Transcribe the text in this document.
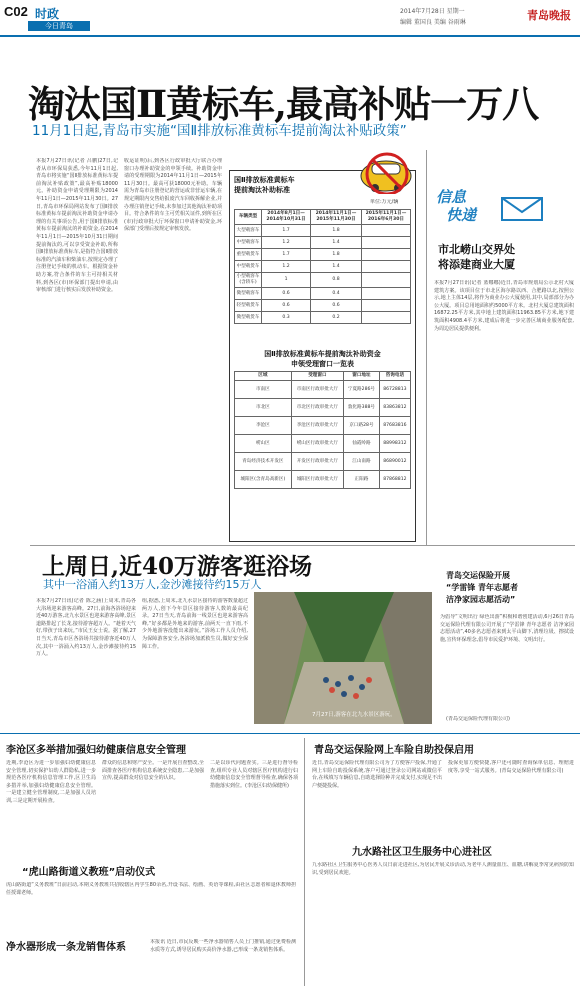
C02 时政
今日青岛
2014年7月28日 星期一
编辑 董国良 美编 谷雨琳
青岛晚报
淘汰国Ⅱ黄标车,最高补贴一万八
11月1日起,青岛市实施“国Ⅱ排放标准黄标车提前淘汰补贴政策”
本报7月27日讯(记者 吕鹏)27日,记者从市环保局获悉,今年11月1日起,青岛市将实施“国Ⅱ排放标准黄标车提前淘汰补贴政策”,最高补贴18000元。补助资金申请受理期限为2014年11月1日—2015年11月30日。27日,青岛市环保局网站发布了国Ⅱ排放标准黄标车提前淘汰补助资金申请办理的有关事项公告,用于国Ⅱ排放标准黄标车提前淘汰的补助资金,在2014年11月1日—2015年10月31日期间提前淘汰的,可以享受资金补助,所称国Ⅱ排放标准黄标车,是指符合国Ⅱ排放标准的汽油车和柴油车,按规定办理了注册登记手续的机动车。根据资金补助方案,符合条件的车主可持相关材料,到各区(市)环保部门提出申请,由审核部门进行核实后发放补助资金。
收运证明)后,到各区行政审批大厅联合办理窗口办理补助资金的申领手续。补助资金申请的受理期限为2014年11月1日—2015年11月30日。最高可获18000元补助。车辆需为青岛市注册登记的营运或非营运车辆,在规定期限内交售给报废汽车回收拆解企业,并办理注销登记手续,未参加过其他淘汰补助项目。符合条件的车主可凭相关证件,到所在区(市)行政审批大厅环保窗口申请补助资金,环保部门受理后按规定审核发放。
国Ⅱ排放标准黄标车
提前淘汰补助标准
单位:万元/辆
车辆类型	2014年8月1日—2014年10月31日	2014年11月1日—2015年11月30日	2015年11月1日—2016年6月30日
大型载客车	1.7	1.8	
中型载客车	1.2	1.4	
重型载货车	1.7	1.8	
中型载货车	1.2	1.4	
小型载客车(含轿车)	1	0.8	
微型载客车	0.6	0.4	
轻型载货车	0.6	0.6	
微型载货车	0.3	0.2	
国Ⅱ排放标准黄标车提前淘汰补助资金
申领受理窗口一览表
区域	受理窗口	窗口地址	咨询电话
市南区	市南区行政审批大厅	宁夏路286号	86728813
市北区	市北区行政审批大厅	敦化路388号	83863812
李沧区	李沧区行政审批大厅	京口路28号	87683816
崂山区	崂山区行政审批大厅	仙霞岭路	88998312
青岛经济技术开发区	开发区行政审批大厅	江山南路	86890012
城阳区(含青岛高新区)	城阳区行政审批大厅	正阳路	87868812
信息
快递
市北崂山交界处
将添建商业大厦
本报7月27日讯(记者 蓝娜娜)近日,青岛市规划局公示北村大厦建筑方案。该项目位于市北区海尔路以西、合肥路以北,按照公示,地上主体14层,将作为商业办公大厦使用,其中,局部部分为办公大厦。项目总用地面积约5000平方米。北村大厦总建筑面积16872.25平方米,其中地上建筑面积11963.85平方米,地下建筑面积4908.4平方米,建成后将进一步完善区域商业服务配套,为周边居民提供便利。
上周日,近40万游客逛浴场
其中一浴涌入约13万人,金沙滩接待约15万人
本报7月27日讯(记者 陈之涵)上周末,青岛各大浴场迎来游客高峰。27日,前海各浴场迎来近40万游客,北九水景区也迎来游客高峰,景区道路排起了长龙,接待游客超万人。“趁着天气好,带孩子出来玩。”市民王女士说。据了解,27日当天,青岛市区各浴场共接待游客近40万人次,其中一浴涌入约13万人,金沙滩接待约15万人。
组,据悉,上周末,北九水景区接待的游客数量超过两万人,创下今年景区接待游客人数的最高纪录。27日当天,青岛前海一线景区也迎来游客高峰,“好多都是外地来的游客,前两天一直下雨,不少外地游客没能出来游玩。”浴场工作人员介绍,为保障游客安全,各浴场加派救生员,做好安全保障工作。
7月27日,游客在北九水景区游玩。
青岛交运保险开展
“学雷锋 青年志愿者
洁净家园志愿活动”
为倡导“文明出行 绿色出游”积极和谐创建活动,6月26日青岛交运保险代理有限公司开展了“学雷锋 青年志愿者 洁净家园志愿活动”,40多名志愿者来到太平山脚下,清理垃圾、擦拭设施,宣传环保理念,倡导市民爱护环境、文明出行。
(青岛交运保险代理有限公司)
李沧区多举措加强妇幼健康信息安全管理
近期,李沧区为进一步加强妇幼健康信息安全管理,切实保护妇幼人群隐私,进一步规范各医疗机构信息管理工作,区卫生局多措并举,加强妇幼健康信息安全管理。一是建立健全管理制度,二是加强人员培训,三是定期开展检查。
群众的信息和财产安全。一是开展自查整改,全面排查各医疗机构信息系统安全隐患,二是加强宣传,提高群众对信息安全的认识。
二是以诊代问题查实。三是进行督导检查,组织专业人员对辖区医疗机构进行妇幼健康信息安全管理督导检查,确保各项措施落实到位。(李沧区妇幼保健所)
“虎山路街道义教班”启动仪式
虎山路街道“义务教班”日前启动,本期义务教班共招收辖区内学生80余名,开设书法、绘画、英语等课程,由社区志愿者和退休教师担任授课老师。
净水器形成一条龙销售体系	本报讯 近日,市民反映一些净水器销售人员上门推销,通过免费检测水质等方式,诱导居民购买高价净水器,已形成一条龙销售体系。
青岛交运保险网上车险自助投保启用
近日,青岛交运保险代理有限公司为了方便客户投保,开通了网上车险自助投保系统,客户可通过登录公司网站或微信平台,在线填写车辆信息,自助选择险种并完成支付,实现足不出户便捷投保。
投保更加方便快捷,客户还可随时查询保单信息、理赔进度等,享受一站式服务。(青岛交运保险代理有限公司)
九水路社区卫生服务中心进社区
九水路社区卫生服务中心医务人员日前走进社区,为居民开展义诊活动,为老年人测量血压、血糖,讲解夏季常见病预防知识,受到居民欢迎。
